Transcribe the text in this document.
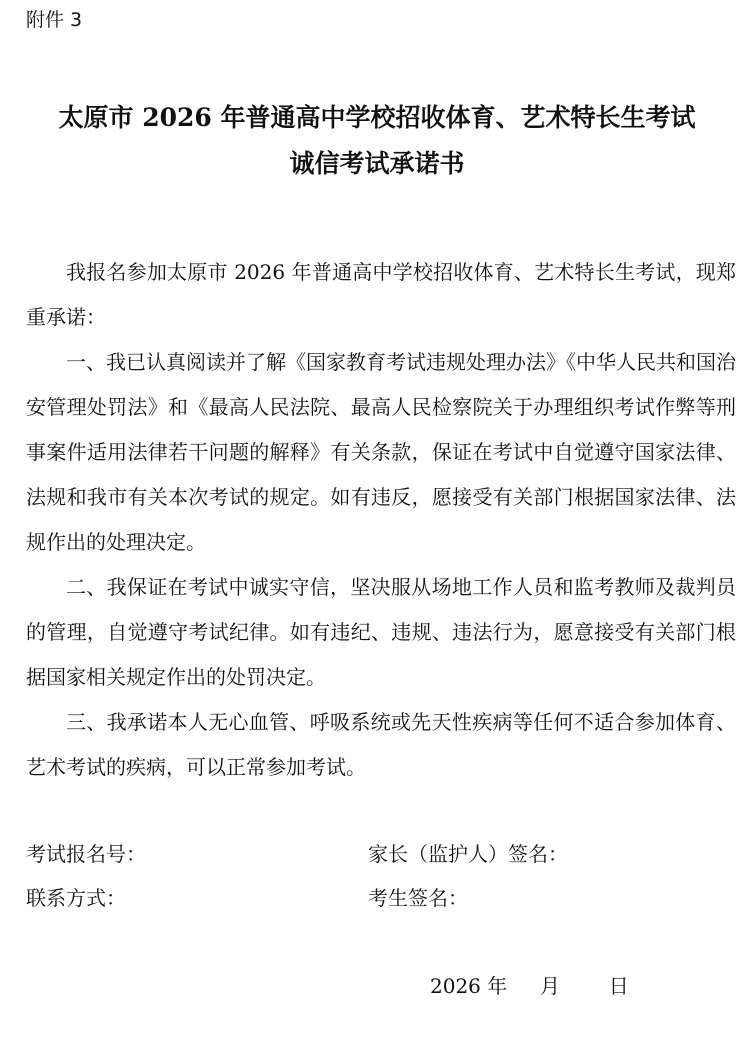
附件 3
太原市 2026 年普通高中学校招收体育、艺术特长生考试
诚信考试承诺书

我报名参加太原市 2026 年普通高中学校招收体育、艺术特长生考试，现郑重承诺：

一、我已认真阅读并了解《国家教育考试违规处理办法》《中华人民共和国治安管理处罚法》和《最高人民法院、最高人民检察院关于办理组织考试作弊等刑事案件适用法律若干问题的解释》有关条款，保证在考试中自觉遵守国家法律、法规和我市有关本次考试的规定。如有违反，愿接受有关部门根据国家法律、法规作出的处理决定。

二、我保证在考试中诚实守信，坚决服从场地工作人员和监考教师及裁判员的管理，自觉遵守考试纪律。如有违纪、违规、违法行为，愿意接受有关部门根据国家相关规定作出的处罚决定。

三、我承诺本人无心血管、呼吸系统或先天性疾病等任何不适合参加体育、艺术考试的疾病，可以正常参加考试。

考试报名号：	家长（监护人）签名：
联系方式：	考生签名：
2026 年 月 日
